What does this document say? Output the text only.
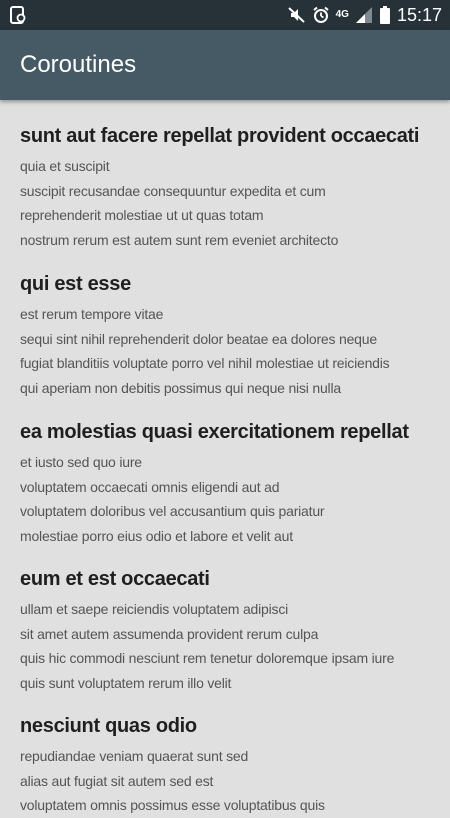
4G	15:17
Coroutines
sunt aut facere repellat provident occaecati
quia et suscipit
suscipit recusandae consequuntur expedita et cum
reprehenderit molestiae ut ut quas totam
nostrum rerum est autem sunt rem eveniet architecto
qui est esse
est rerum tempore vitae
sequi sint nihil reprehenderit dolor beatae ea dolores neque
fugiat blanditiis voluptate porro vel nihil molestiae ut reiciendis
qui aperiam non debitis possimus qui neque nisi nulla
ea molestias quasi exercitationem repellat
et iusto sed quo iure
voluptatem occaecati omnis eligendi aut ad
voluptatem doloribus vel accusantium quis pariatur
molestiae porro eius odio et labore et velit aut
eum et est occaecati
ullam et saepe reiciendis voluptatem adipisci
sit amet autem assumenda provident rerum culpa
quis hic commodi nesciunt rem tenetur doloremque ipsam iure
quis sunt voluptatem rerum illo velit
nesciunt quas odio
repudiandae veniam quaerat sunt sed
alias aut fugiat sit autem sed est
voluptatem omnis possimus esse voluptatibus quis
